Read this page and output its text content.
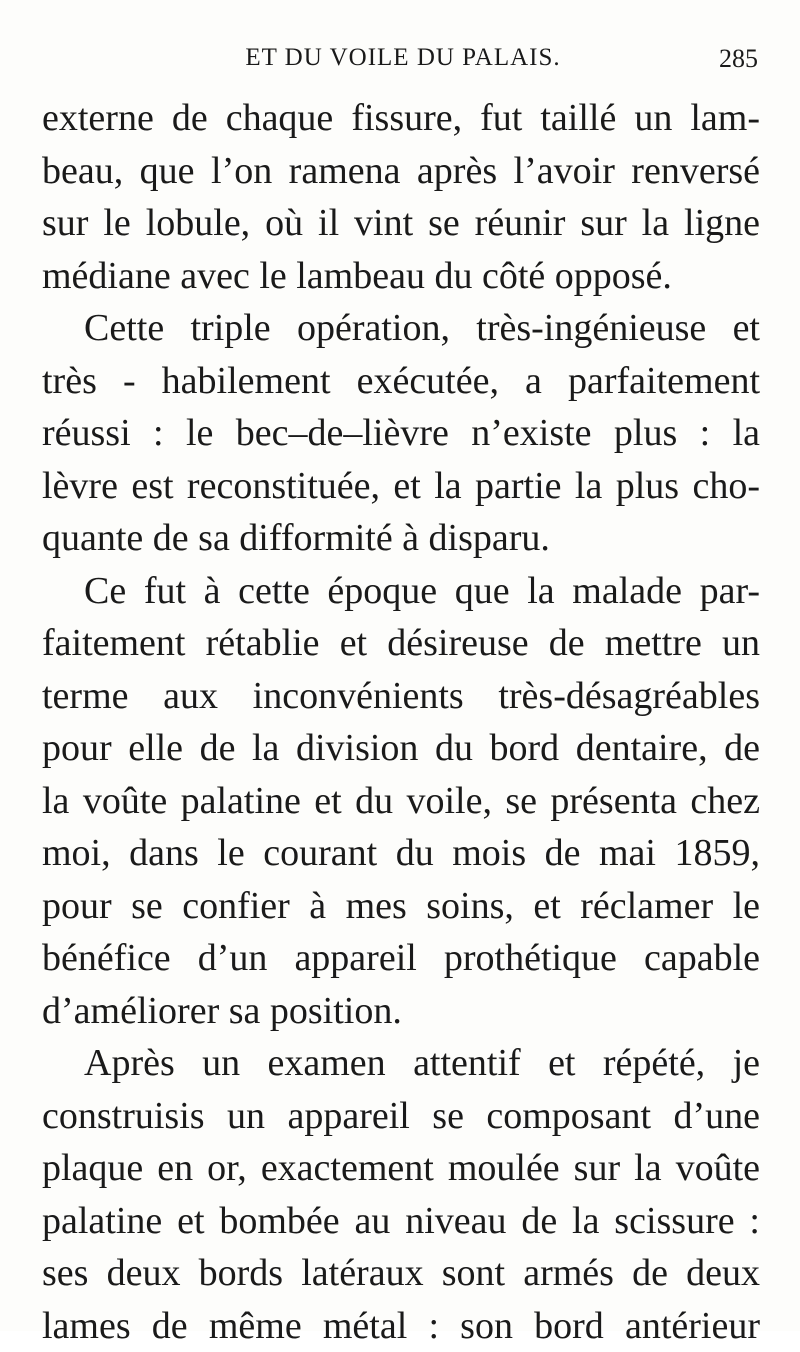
ET DU VOILE DU PALAIS.	285
externe de chaque fissure, fut taillé un lam-
beau, que l’on ramena après l’avoir renversé
sur le lobule, où il vint se réunir sur la ligne
médiane avec le lambeau du côté opposé.
Cette triple opération, très-ingénieuse et
très - habilement exécutée, a parfaitement
réussi : le bec–de–lièvre n’existe plus : la
lèvre est reconstituée, et la partie la plus cho-
quante de sa difformité à disparu.
Ce fut à cette époque que la malade par-
faitement rétablie et désireuse de mettre un
terme aux inconvénients très-désagréables
pour elle de la division du bord dentaire, de
la voûte palatine et du voile, se présenta chez
moi, dans le courant du mois de mai 1859,
pour se confier à mes soins, et réclamer le
bénéfice d’un appareil prothétique capable
d’améliorer sa position.
Après un examen attentif et répété, je
construisis un appareil se composant d’une
plaque en or, exactement moulée sur la voûte
palatine et bombée au niveau de la scissure :
ses deux bords latéraux sont armés de deux
lames de même métal : son bord antérieur
